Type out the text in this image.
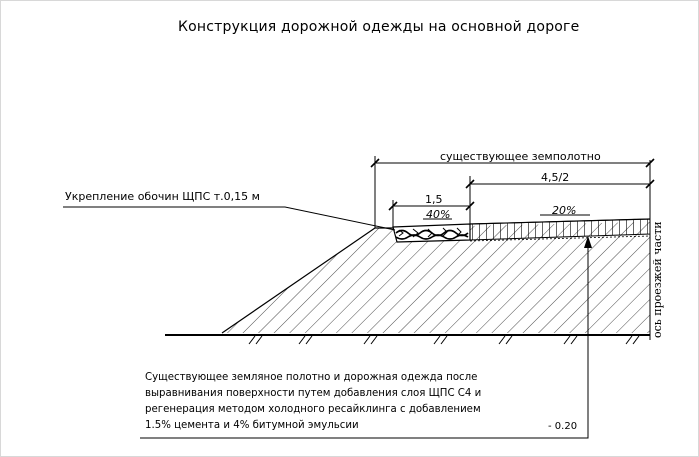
Конструкция дорожной одежды на основной дороге
существующее земполотно
4,5/2
1,5
40%	20%
Укрепление обочин ЩПС т.0,15 м
ось проезжей части
Существующее земляное полотно и дорожная одежда после
выравнивания поверхности путем добавления слоя ЩПС С4 и
регенерация методом холодного ресайклинга с добавлением
1.5% цемента и 4% битумной эмульсии	- 0.20
